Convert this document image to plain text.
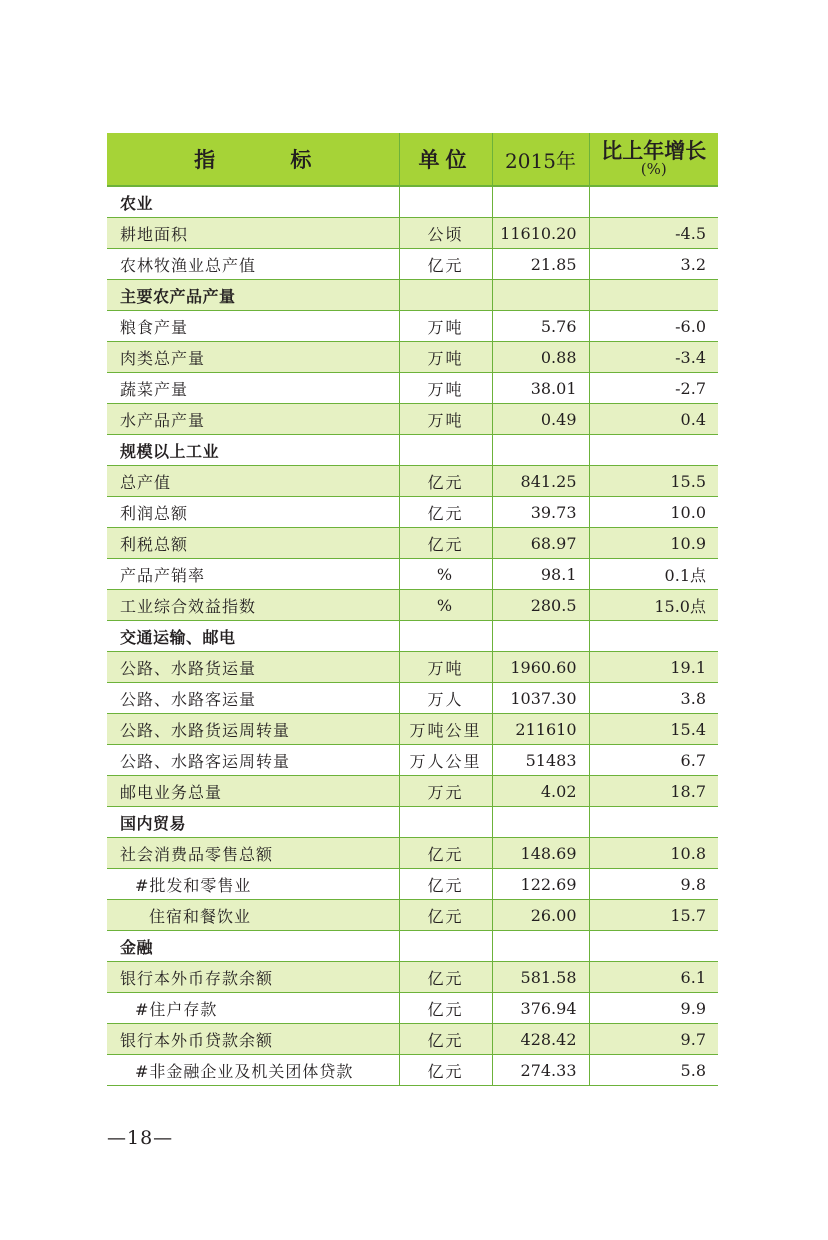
指 标	单位	2015年	比上年增长
(%)

农业			
耕地面积	公顷	11610.20	-4.5
农林牧渔业总产值	亿元	21.85	3.2
主要农产品产量			
粮食产量	万吨	5.76	-6.0
肉类总产量	万吨	0.88	-3.4
蔬菜产量	万吨	38.01	-2.7
水产品产量	万吨	0.49	0.4
规模以上工业			
总产值	亿元	841.25	15.5
利润总额	亿元	39.73	10.0
利税总额	亿元	68.97	10.9
产品产销率	%	98.1	0.1点
工业综合效益指数	%	280.5	15.0点
交通运输、邮电			
公路、水路货运量	万吨	1960.60	19.1
公路、水路客运量	万人	1037.30	3.8
公路、水路货运周转量	万吨公里	211610	15.4
公路、水路客运周转量	万人公里	51483	6.7
邮电业务总量	万元	4.02	18.7
国内贸易			
社会消费品零售总额	亿元	148.69	10.8
#批发和零售业	亿元	122.69	9.8
住宿和餐饮业	亿元	26.00	15.7
金融			
银行本外币存款余额	亿元	581.58	6.1
#住户存款	亿元	376.94	9.9
银行本外币贷款余额	亿元	428.42	9.7
#非金融企业及机关团体贷款	亿元	274.33	5.8
—18—
